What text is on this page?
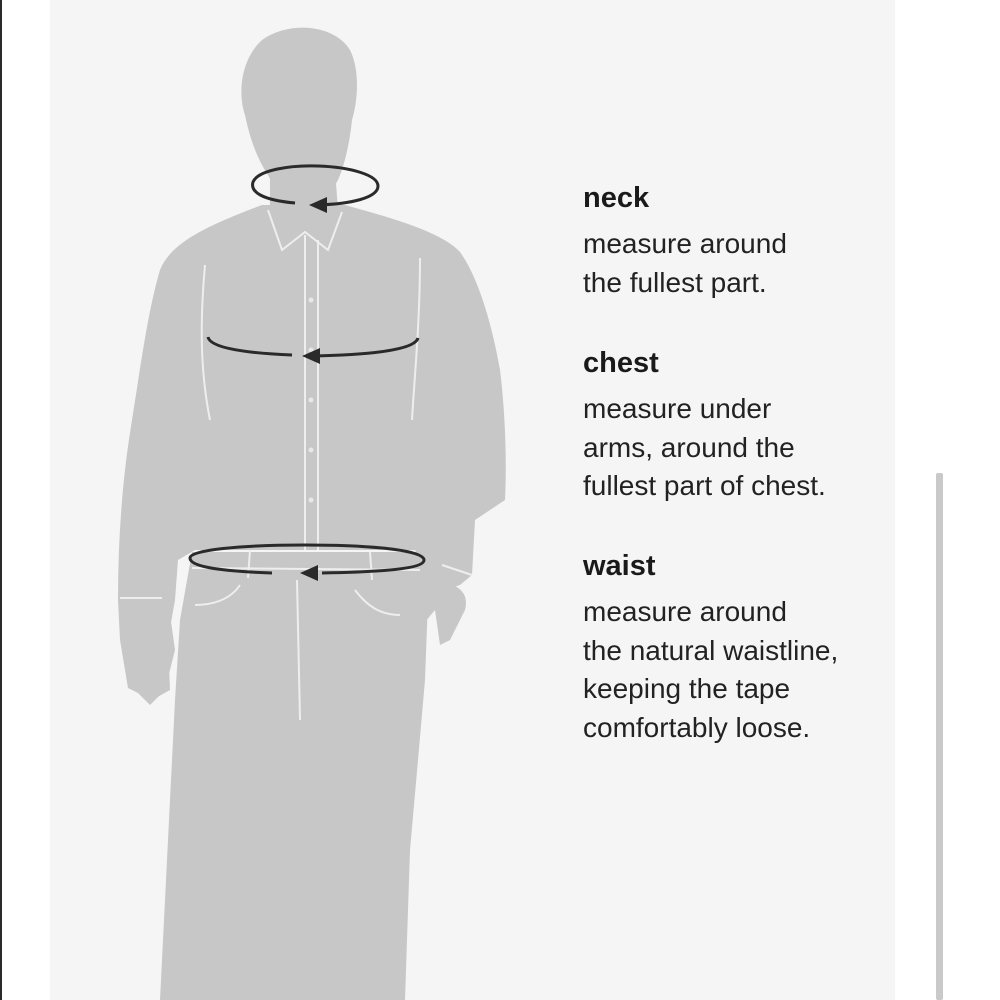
neck
measure around
the fullest part.
chest
measure under
arms, around the
fullest part of chest.
waist
measure around
the natural waistline,
keeping the tape
comfortably loose.
